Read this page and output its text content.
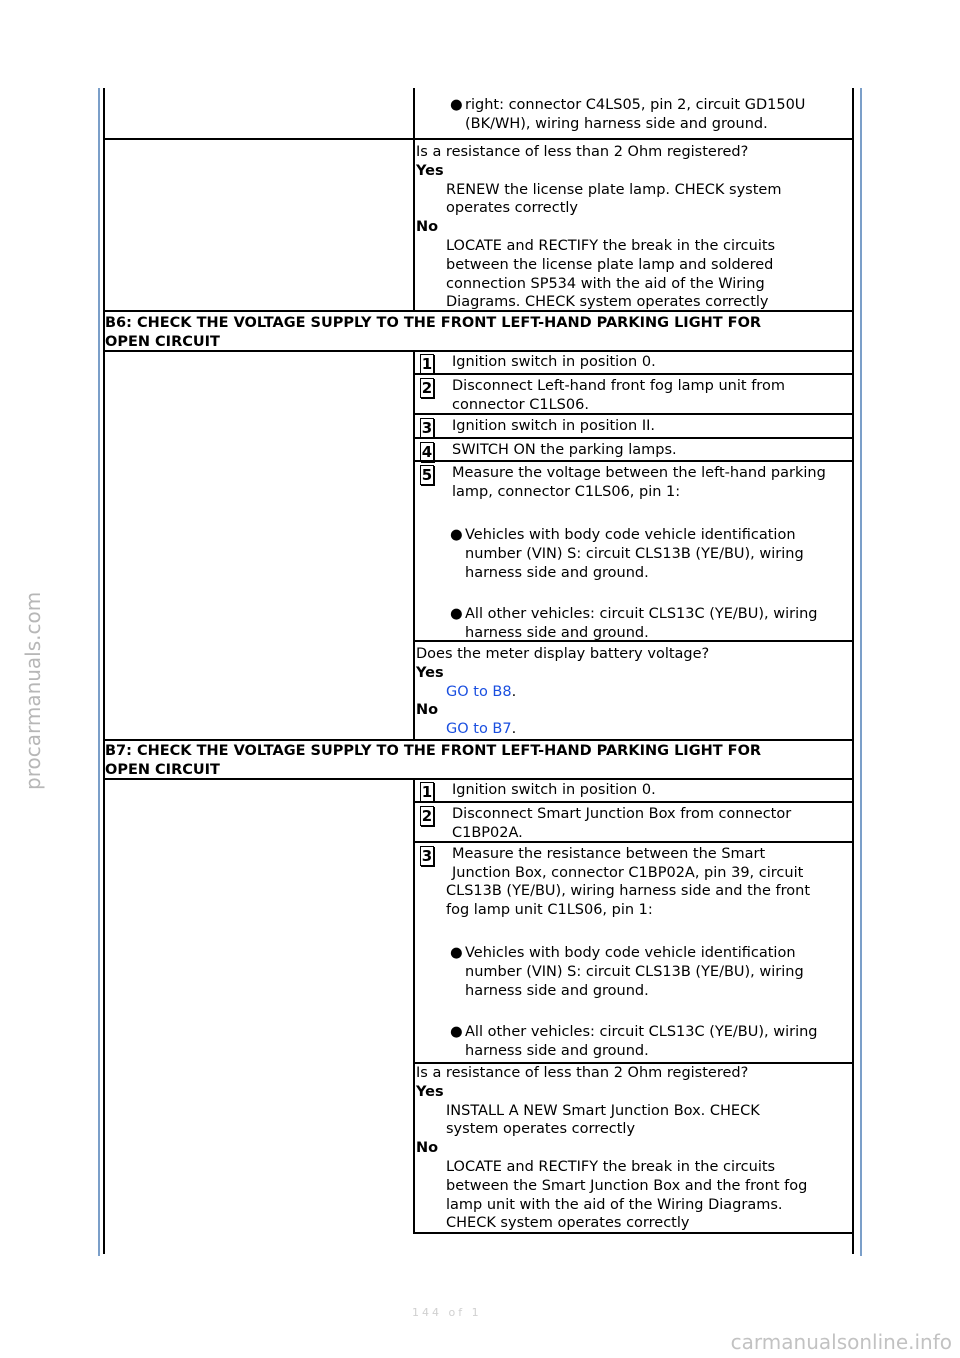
procarmanuals.com
carmanualsonline.info
144 of 1
● right: connector C4LS05, pin 2, circuit GD150U
(BK/WH), wiring harness side and ground.
Is a resistance of less than 2 Ohm registered?
Yes
RENEW the license plate lamp. CHECK system
operates correctly
No
LOCATE and RECTIFY the break in the circuits
between the license plate lamp and soldered
connection SP534 with the aid of the Wiring
Diagrams. CHECK system operates correctly
B6: CHECK THE VOLTAGE SUPPLY TO THE FRONT LEFT-HAND PARKING LIGHT FOR
OPEN CIRCUIT
1 Ignition switch in position 0.
2 Disconnect Left-hand front fog lamp unit from
connector C1LS06.
3 Ignition switch in position II.
4 SWITCH ON the parking lamps.
5 Measure the voltage between the left-hand parking
lamp, connector C1LS06, pin 1:
● Vehicles with body code vehicle identification
number (VIN) S: circuit CLS13B (YE/BU), wiring
harness side and ground.
● All other vehicles: circuit CLS13C (YE/BU), wiring
harness side and ground.
Does the meter display battery voltage?
Yes
GO to B8.
No
GO to B7.
B7: CHECK THE VOLTAGE SUPPLY TO THE FRONT LEFT-HAND PARKING LIGHT FOR
OPEN CIRCUIT
1 Ignition switch in position 0.
2 Disconnect Smart Junction Box from connector
C1BP02A.
3 Measure the resistance between the Smart
Junction Box, connector C1BP02A, pin 39, circuit
CLS13B (YE/BU), wiring harness side and the front
fog lamp unit C1LS06, pin 1:
● Vehicles with body code vehicle identification
number (VIN) S: circuit CLS13B (YE/BU), wiring
harness side and ground.
● All other vehicles: circuit CLS13C (YE/BU), wiring
harness side and ground.
Is a resistance of less than 2 Ohm registered?
Yes
INSTALL A NEW Smart Junction Box. CHECK
system operates correctly
No
LOCATE and RECTIFY the break in the circuits
between the Smart Junction Box and the front fog
lamp unit with the aid of the Wiring Diagrams.
CHECK system operates correctly
